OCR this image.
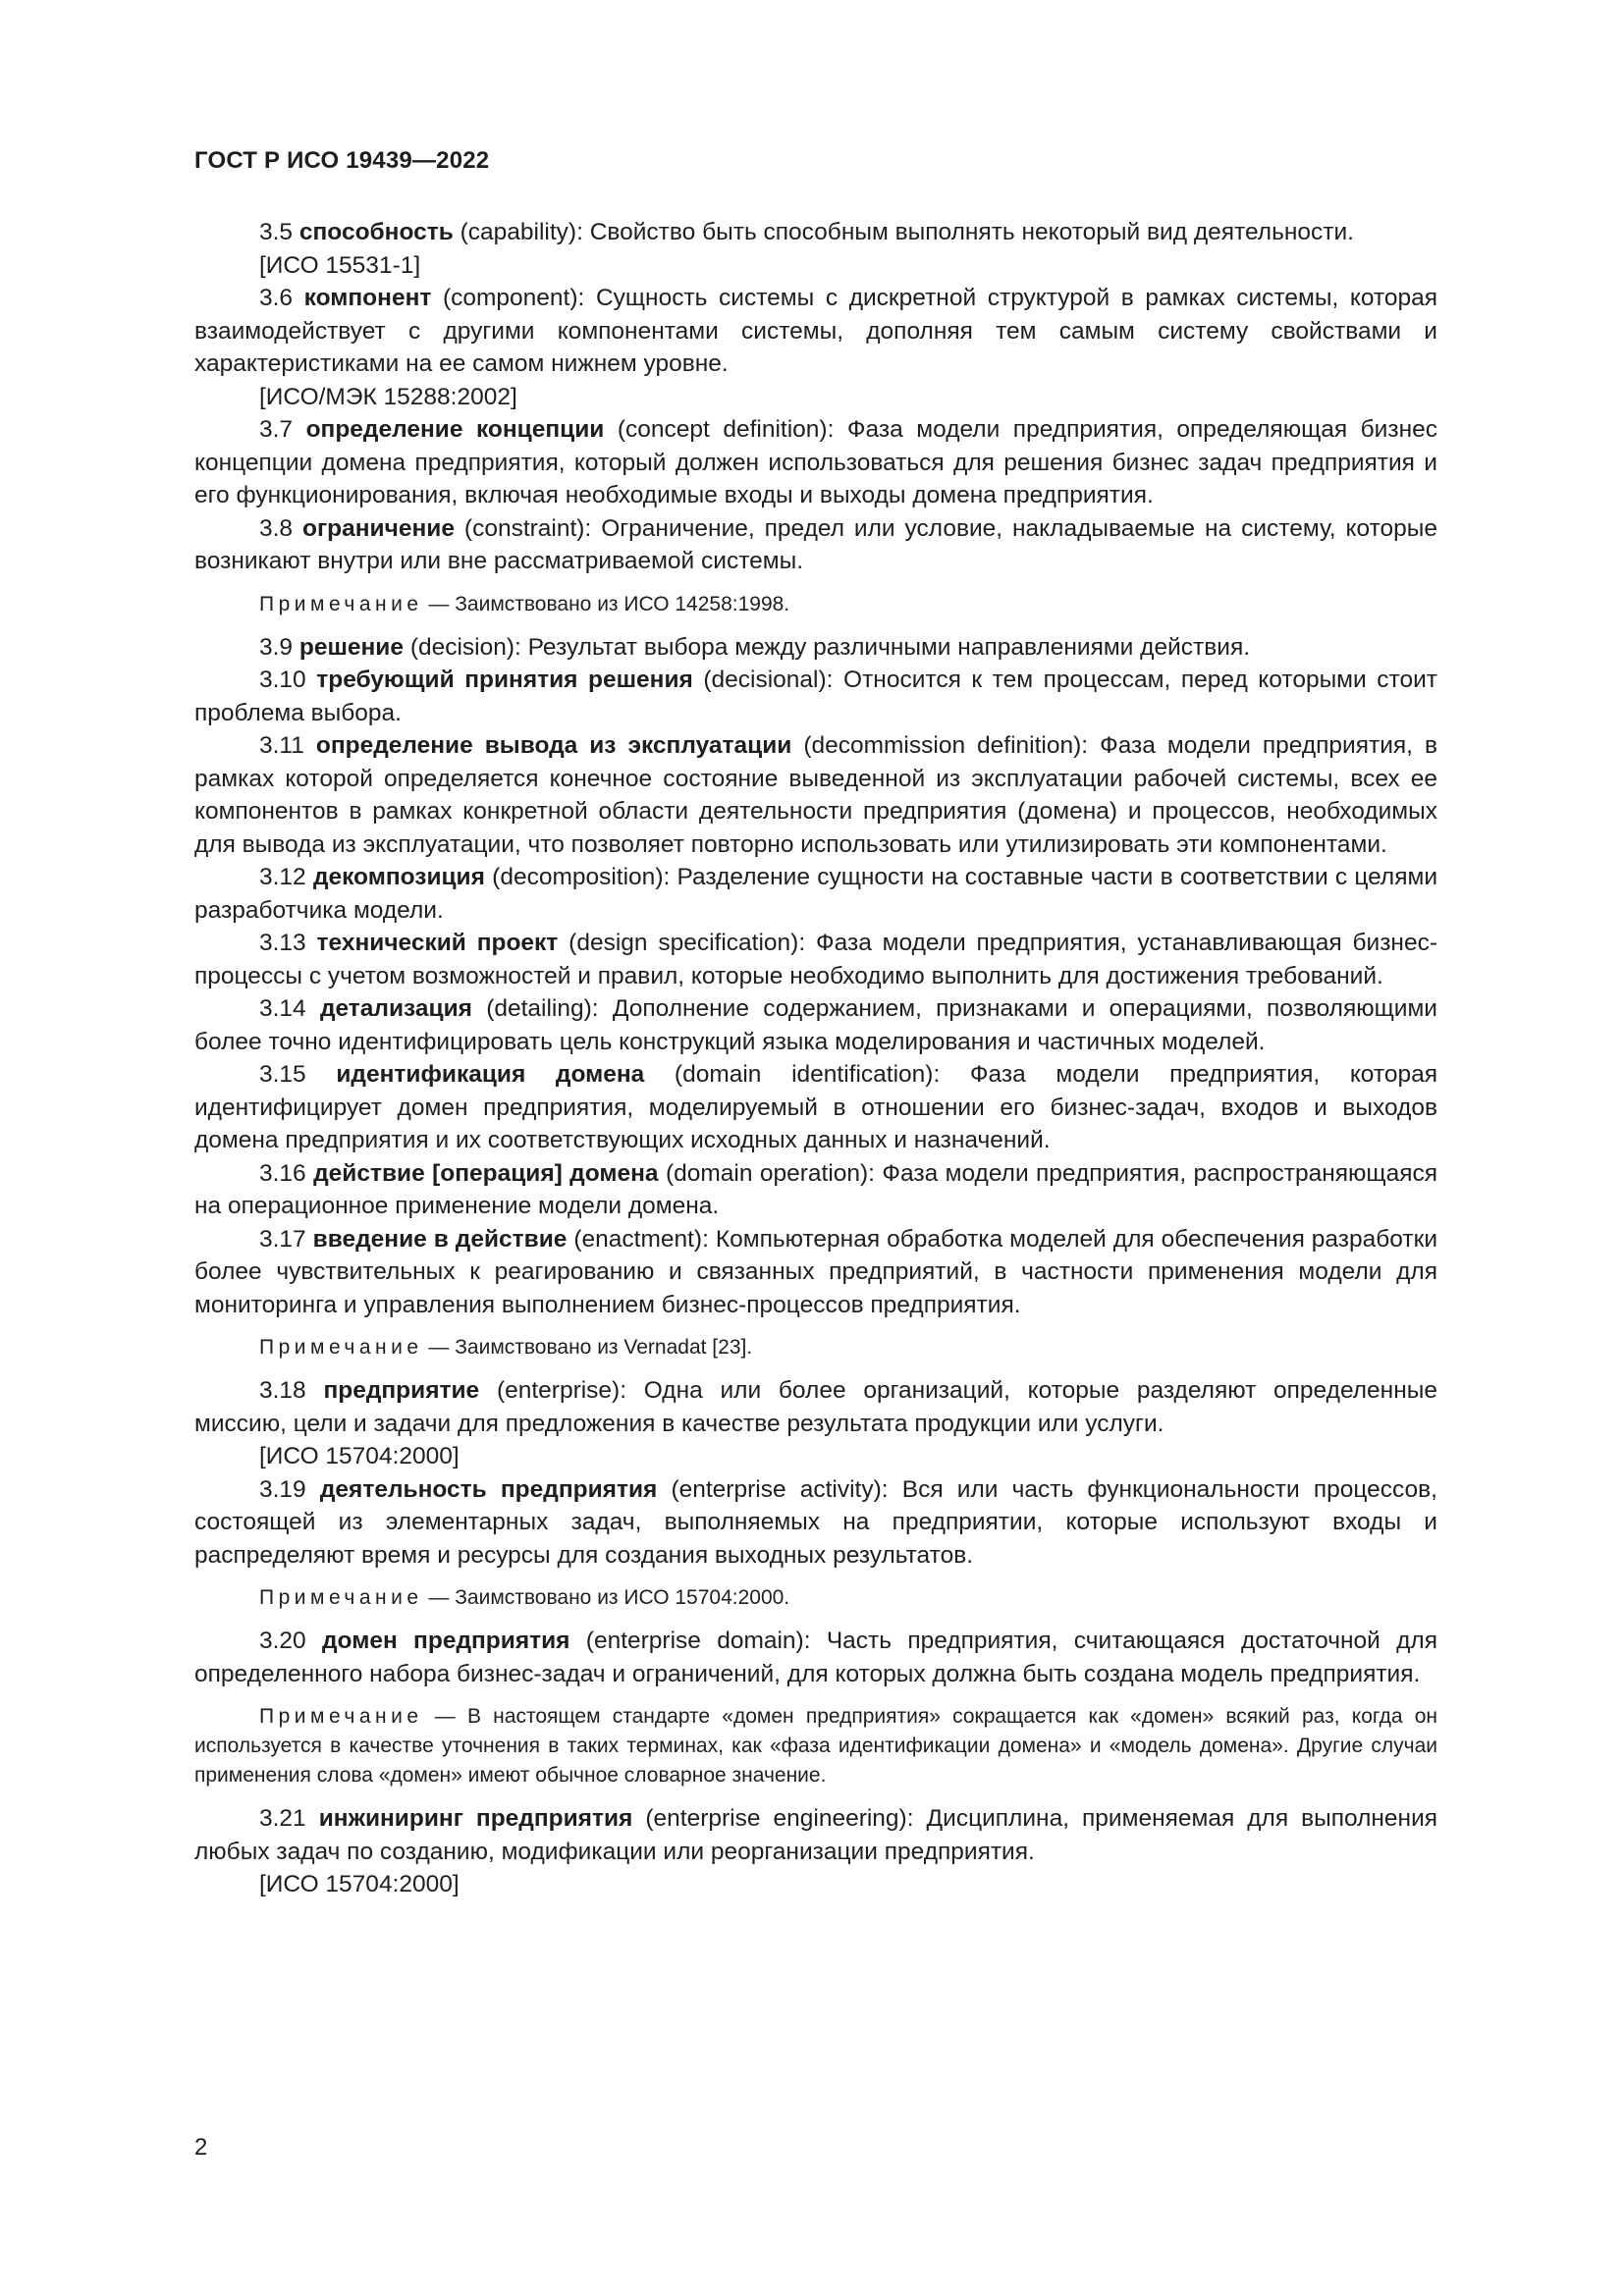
ГОСТ Р ИСО 19439—2022

3.5 способность (capability): Свойство быть способным выполнять некоторый вид деятельности.

[ИСО 15531-1]

3.6 компонент (component): Сущность системы с дискретной структурой в рамках системы, которая взаимодействует с другими компонентами системы, дополняя тем самым систему свойствами и характеристиками на ее самом нижнем уровне.

[ИСО/МЭК 15288:2002]

3.7 определение концепции (concept definition): Фаза модели предприятия, определяющая бизнес концепции домена предприятия, который должен использоваться для решения бизнес задач предприятия и его функционирования, включая необходимые входы и выходы домена предприятия.

3.8 ограничение (constraint): Ограничение, предел или условие, накладываемые на систему, которые возникают внутри или вне рассматриваемой системы.

Примечание — Заимствовано из ИСО 14258:1998.

3.9 решение (decision): Результат выбора между различными направлениями действия.

3.10 требующий принятия решения (decisional): Относится к тем процессам, перед которыми стоит проблема выбора.

3.11 определение вывода из эксплуатации (decommission definition): Фаза модели предприятия, в рамках которой определяется конечное состояние выведенной из эксплуатации рабочей системы, всех ее компонентов в рамках конкретной области деятельности предприятия (домена) и процессов, необходимых для вывода из эксплуатации, что позволяет повторно использовать или утилизировать эти компонентами.

3.12 декомпозиция (decomposition): Разделение сущности на составные части в соответствии с целями разработчика модели.

3.13 технический проект (design specification): Фаза модели предприятия, устанавливающая бизнес-процессы с учетом возможностей и правил, которые необходимо выполнить для достижения требований.

3.14 детализация (detailing): Дополнение содержанием, признаками и операциями, позволяющими более точно идентифицировать цель конструкций языка моделирования и частичных моделей.

3.15 идентификация домена (domain identification): Фаза модели предприятия, которая идентифицирует домен предприятия, моделируемый в отношении его бизнес-задач, входов и выходов домена предприятия и их соответствующих исходных данных и назначений.

3.16 действие [операция] домена (domain operation): Фаза модели предприятия, распространяющаяся на операционное применение модели домена.

3.17 введение в действие (enactment): Компьютерная обработка моделей для обеспечения разработки более чувствительных к реагированию и связанных предприятий, в частности применения модели для мониторинга и управления выполнением бизнес-процессов предприятия.

Примечание — Заимствовано из Vernadat [23].

3.18 предприятие (enterprise): Одна или более организаций, которые разделяют определенные миссию, цели и задачи для предложения в качестве результата продукции или услуги.

[ИСО 15704:2000]

3.19 деятельность предприятия (enterprise activity): Вся или часть функциональности процессов, состоящей из элементарных задач, выполняемых на предприятии, которые используют входы и распределяют время и ресурсы для создания выходных результатов.

Примечание — Заимствовано из ИСО 15704:2000.

3.20 домен предприятия (enterprise domain): Часть предприятия, считающаяся достаточной для определенного набора бизнес-задач и ограничений, для которых должна быть создана модель предприятия.

Примечание — В настоящем стандарте «домен предприятия» сокращается как «домен» всякий раз, когда он используется в качестве уточнения в таких терминах, как «фаза идентификации домена» и «модель домена». Другие случаи применения слова «домен» имеют обычное словарное значение.

3.21 инжиниринг предприятия (enterprise engineering): Дисциплина, применяемая для выполнения любых задач по созданию, модификации или реорганизации предприятия.

[ИСО 15704:2000]

2
